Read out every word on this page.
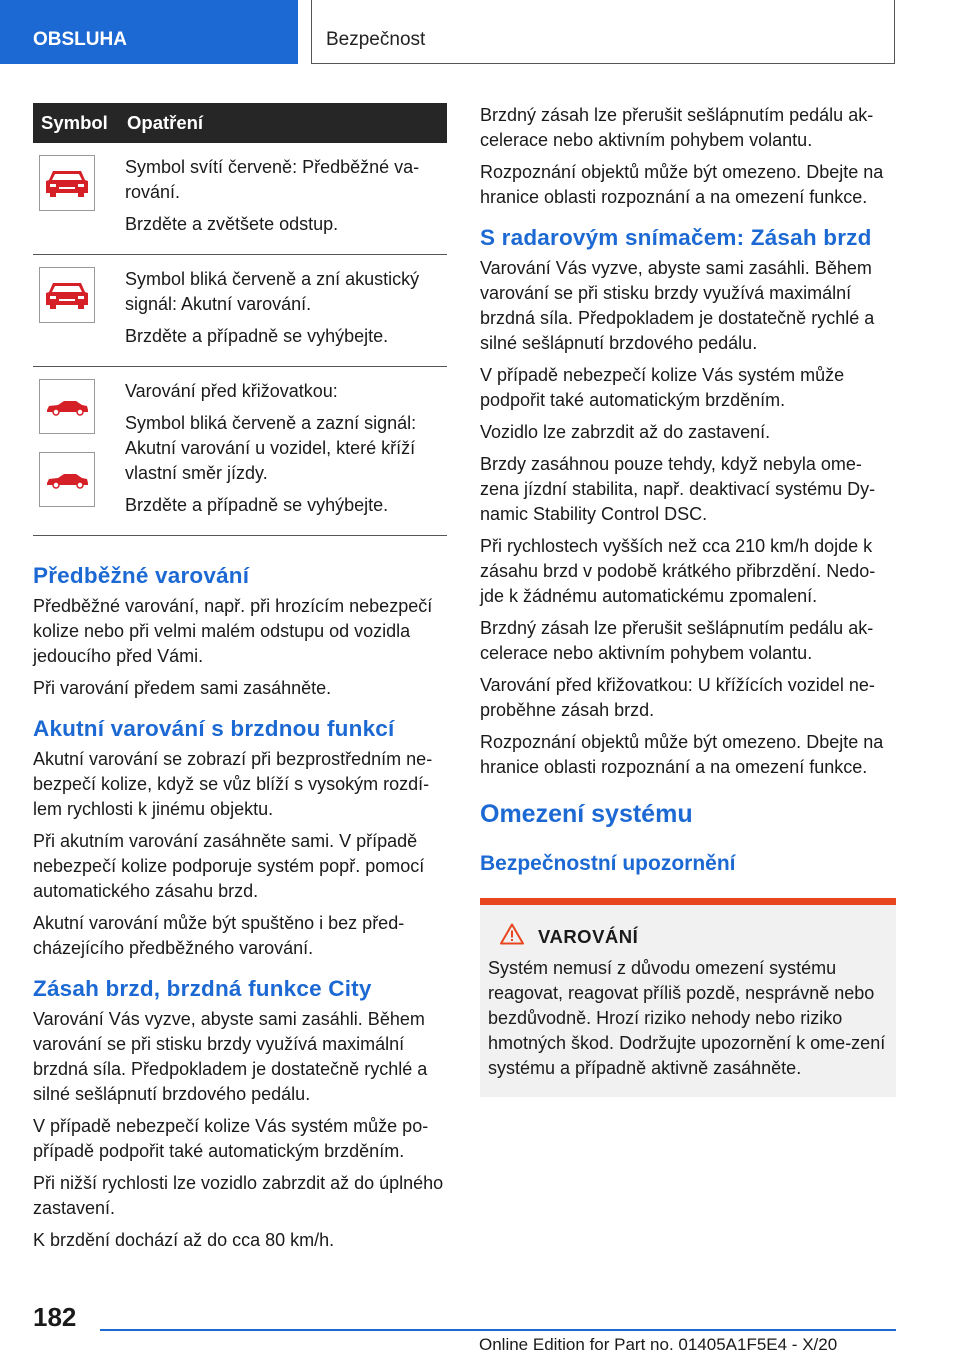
OBSLUHA	Bezpečnost
Symbol	Opatření

Symbol svítí červeně: Předběžné va‐rování.

Brzděte a zvětšete odstup.

Symbol bliká červeně a zní akustický signál: Akutní varování.

Brzděte a případně se vyhýbejte.

Varování před křižovatkou:

Symbol bliká červeně a zazní signál: Akutní varování u vozidel, které kříží vlastní směr jízdy.

Brzděte a případně se vyhýbejte.

Předběžné varování

Předběžné varování, např. při hrozícím nebezpečí kolize nebo při velmi malém odstupu od vozidla jedoucího před Vámi.

Při varování předem sami zasáhněte.

Akutní varování s brzdnou funkcí

Akutní varování se zobrazí při bezprostředním ne‐bezpečí kolize, když se vůz blíží s vysokým rozdí‐lem rychlosti k jinému objektu.

Při akutním varování zasáhněte sami. V případě nebezpečí kolize podporuje systém popř. pomocí automatického zásahu brzd.

Akutní varování může být spuštěno i bez před‐cházejícího předběžného varování.

Zásah brzd, brzdná funkce City

Varování Vás vyzve, abyste sami zasáhli. Během varování se při stisku brzdy využívá maximální brzdná síla. Předpokladem je dostatečně rychlé a silné sešlápnutí brzdového pedálu.

V případě nebezpečí kolize Vás systém může po‐případě podpořit také automatickým brzděním.

Při nižší rychlosti lze vozidlo zabrzdit až do úplného zastavení.

K brzdění dochází až do cca 80 km/h.

Brzdný zásah lze přerušit sešlápnutím pedálu ak‐celerace nebo aktivním pohybem volantu.

Rozpoznání objektů může být omezeno. Dbejte na hranice oblasti rozpoznání a na omezení funkce.

S radarovým snímačem: Zásah brzd

Varování Vás vyzve, abyste sami zasáhli. Během varování se při stisku brzdy využívá maximální brzdná síla. Předpokladem je dostatečně rychlé a silné sešlápnutí brzdového pedálu.

V případě nebezpečí kolize Vás systém může podpořit také automatickým brzděním.

Vozidlo lze zabrzdit až do zastavení.

Brzdy zasáhnou pouze tehdy, když nebyla ome‐zena jízdní stabilita, např. deaktivací systému Dy‐namic Stability Control DSC.

Při rychlostech vyšších než cca 210 km/h dojde k zásahu brzd v podobě krátkého přibrzdění. Nedo‐jde k žádnému automatickému zpomalení.

Brzdný zásah lze přerušit sešlápnutím pedálu ak‐celerace nebo aktivním pohybem volantu.

Varování před křižovatkou: U křížících vozidel ne‐proběhne zásah brzd.

Rozpoznání objektů může být omezeno. Dbejte na hranice oblasti rozpoznání a na omezení funkce.

Omezení systému
Bezpečnostní upozornění
VAROVÁNÍ

Systém nemusí z důvodu omezení systému reagovat, reagovat příliš pozdě, nesprávně nebo bezdůvodně. Hrozí riziko nehody nebo riziko hmotných škod. Dodržujte upozornění k ome‐zení systému a případně aktivně zasáhněte.

182
Online Edition for Part no. 01405A1F5E4 - X/20
